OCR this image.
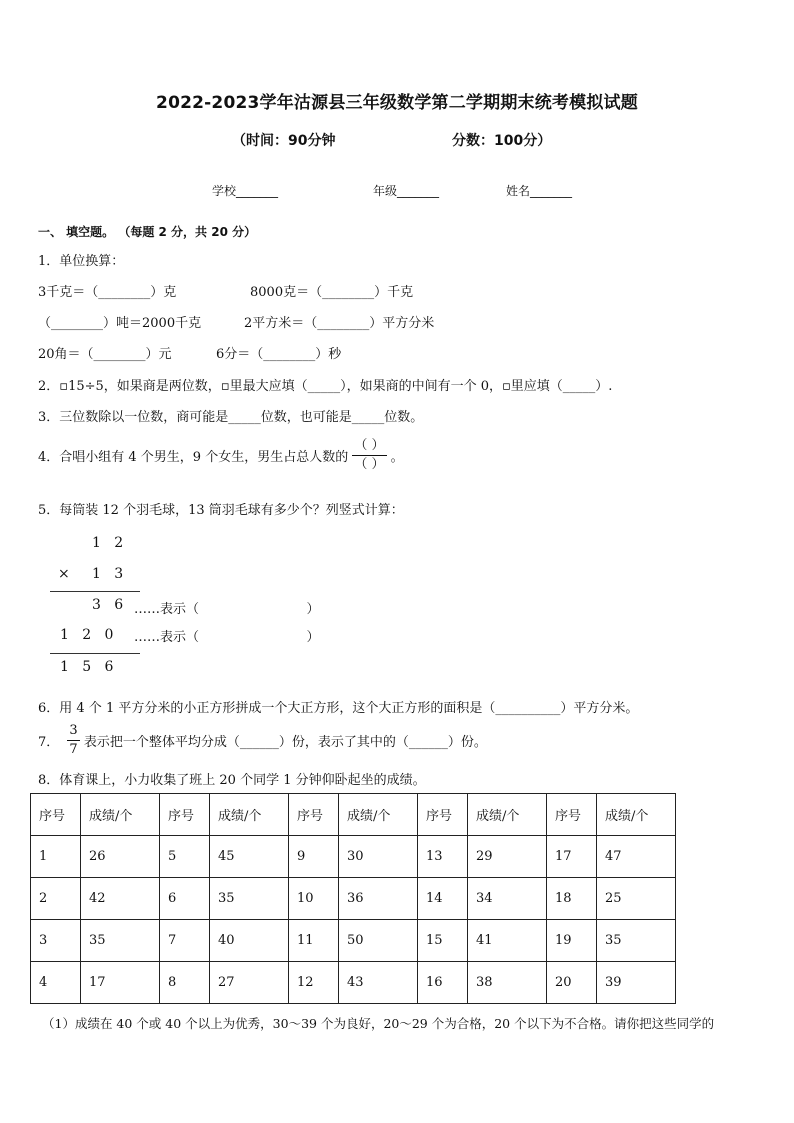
2022-2023学年沽源县三年级数学第二学期期末统考模拟试题
（时间：90分钟	分数：100分）
学校_______	年级_______	姓名_______
一、 填空题。 （每题 2 分，共 20 分）
1．单位换算：
3千克＝（________）克	8000克＝（________）千克
（________）吨＝2000千克	2平方米＝（________）平方分米
20角＝（________）元	6分＝（________）秒
2．▫15÷5，如果商是两位数，▫里最大应填（_____），如果商的中间有一个 0，▫里应填（_____）.
3．三位数除以一位数，商可能是_____位数，也可能是_____位数。
4．合唱小组有 4 个男生，9 个女生，男生占总人数的 $\frac{( )}{( )}$ 。
5．每筒装 12 个羽毛球，13 筒羽毛球有多少个？列竖式计算：
1   2
× 1   3
3   6 ……表示（                          ）
1   2   0 ……表示（                          ）
1   5   6
6．用 4 个 1 平方分米的小正方形拼成一个大正方形，这个大正方形的面积是（__________）平方分米。
7． $\frac{3}{7}$ 表示把一个整体平均分成（______）份，表示了其中的（______）份。
8．体育课上，小力收集了班上 20 个同学 1 分钟仰卧起坐的成绩。
序号	成绩/个	序号	成绩/个	序号	成绩/个	序号	成绩/个	序号	成绩/个
1	26	5	45	9	30	13	29	17	47
2	42	6	35	10	36	14	34	18	25
3	35	7	40	11	50	15	41	19	35
4	17	8	27	12	43	16	38	20	39
（1）成绩在 40 个或 40 个以上为优秀，30～39 个为良好，20～29 个为合格，20 个以下为不合格。请你把这些同学的
